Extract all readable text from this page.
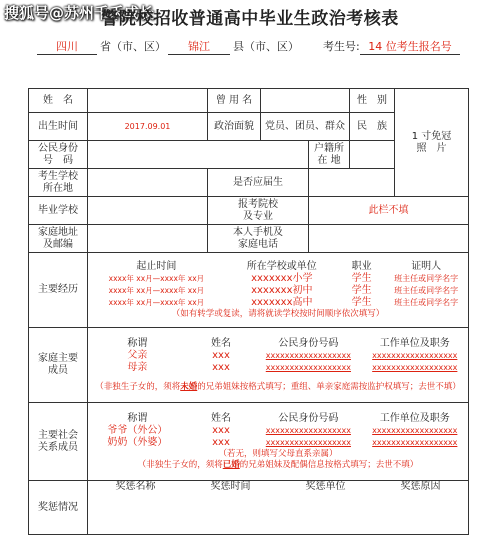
搜狐号@苏州千禾成长
警院校招收普通高中毕业生政治考核表
四川	省（市、区）	锦江	县（市、区） 考生号: 14 位考生报名号
姓　名		曾 用 名		性　别	1 寸免冠
照　片
出生时间	2017.09.01	政治面貌	党员、团员、群众	民　族
公民身份
号　码		户籍所
在 地	
考生学校
所在地		是否应届生	
毕业学校		报考院校
及专业	此栏不填
家庭地址
及邮编		本人手机及
家庭电话	
主要经历	
起止时间	所在学校或单位	职业	证明人
xxxx年 xx月—xxxx年 xx月	xxxxxxx小学	学生	班主任或同学名字
xxxx年 xx月—xxxx年 xx月	xxxxxxx初中	学生	班主任或同学名字
xxxx年 xx月—xxxx年 xx月	xxxxxxx高中	学生	班主任或同学名字
（如有转学或复读，请将就读学校按时间顺序依次填写）

家庭主要
成员	
称谓	姓名	公民身份号码	工作单位及职务
父亲	xxx	xxxxxxxxxxxxxxxxxx	xxxxxxxxxxxxxxxxxx
母亲	xxx	xxxxxxxxxxxxxxxxxx	xxxxxxxxxxxxxxxxxx
（非独生子女的，须将未婚的兄弟姐妹按格式填写；重组、单亲家庭需按监护权填写；去世不填）

主要社会
关系成员	
称谓	姓名	公民身份号码	工作单位及职务
爷爷（外公）	xxx	xxxxxxxxxxxxxxxxxx	xxxxxxxxxxxxxxxxxx
奶奶（外婆）	xxx	xxxxxxxxxxxxxxxxxx	xxxxxxxxxxxxxxxxxx
（若无，则填写父母直系亲属）
（非独生子女的，须将已婚的兄弟姐妹及配偶信息按格式填写；去世不填）

奖惩情况	
奖惩名称	奖惩时间	奖惩单位	奖惩原因
